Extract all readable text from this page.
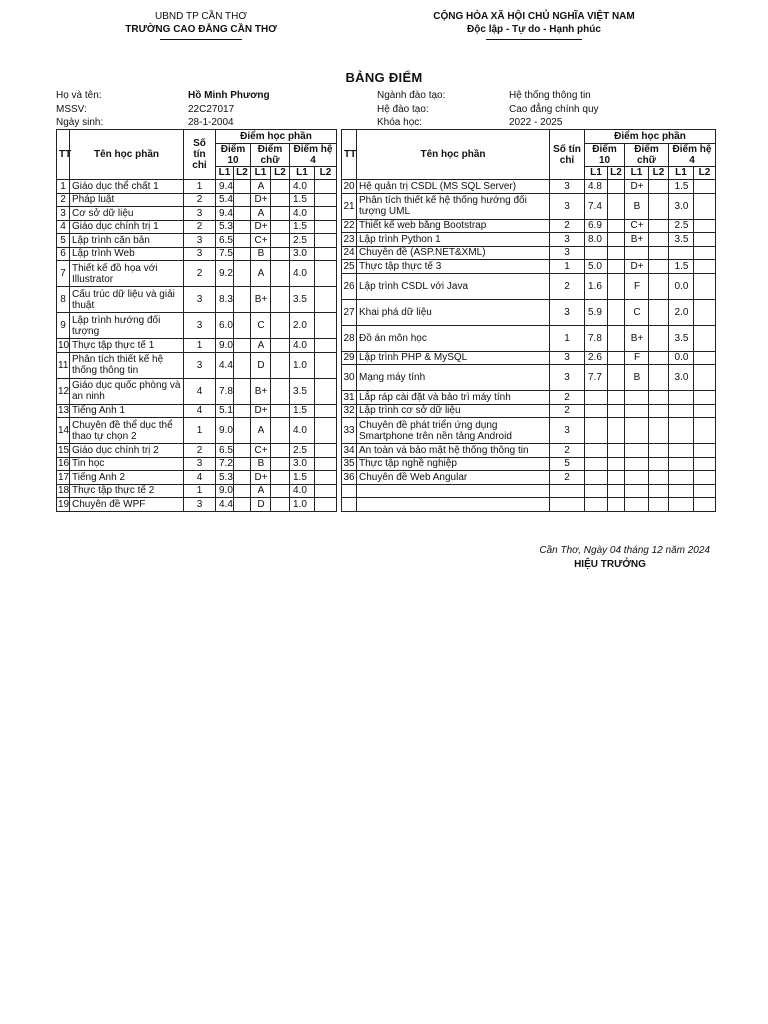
UBND TP CẦN THƠ
TRƯỜNG CAO ĐẲNG CẦN THƠ
CỘNG HÒA XÃ HỘI CHỦ NGHĨA VIỆT NAM
Độc lập - Tự do - Hạnh phúc
BẢNG ĐIỂM
Họ và tên:	Hồ Minh Phương
MSSV:	22C27017
Ngày sinh:	28-1-2004
Ngành đào tạo:	Hệ thống thông tin
Hệ đào tạo:	Cao đẳng chính quy
Khóa học:	2022 - 2025
TT	Tên học phần	Số tín chỉ	Điểm học phần					
			Điểm 10		Điểm chữ		Điểm hệ 4	
			L1	L2	L1	L2	L1	L2
1	Giáo dục thể chất 1	1	9.4		A		4.0	
2	Pháp luật	2	5.4		D+		1.5	
3	Cơ sở dữ liệu	3	9.4		A		4.0	
4	Giáo dục chính trị 1	2	5.3		D+		1.5	
5	Lập trình căn bản	3	6.5		C+		2.5	
6	Lập trình Web	3	7.5		B		3.0	
7	Thiết kế đồ họa với Illustrator	2	9.2		A		4.0	
8	Cấu trúc dữ liệu và giải thuật	3	8.3		B+		3.5	
9	Lập trình hướng đối tượng	3	6.0		C		2.0	
10	Thực tập thực tế 1	1	9.0		A		4.0	
11	Phân tích thiết kế hệ thống thông tin	3	4.4		D		1.0	
12	Giáo dục quốc phòng và an ninh	4	7.8		B+		3.5	
13	Tiếng Anh 1	4	5.1		D+		1.5	
14	Chuyên đề thể dục thể thao tự chọn 2	1	9.0		A		4.0	
15	Giáo dục chính trị 2	2	6.5		C+		2.5	
16	Tin học	3	7.2		B		3.0	
17	Tiếng Anh 2	4	5.3		D+		1.5	
18	Thực tập thực tế 2	1	9.0		A		4.0	
19	Chuyên đề WPF	3	4.4		D		1.0	
TT	Tên học phần	Số tín chỉ	Điểm học phần					
			Điểm 10		Điểm chữ		Điểm hệ 4	
			L1	L2	L1	L2	L1	L2
20	Hệ quản trị CSDL (MS SQL Server)	3	4.8		D+		1.5	
21	Phân tích thiết kế hệ thống hướng đối tượng UML	3	7.4		B		3.0	
22	Thiết kế web bằng Bootstrap	2	6.9		C+		2.5	
23	Lập trình Python 1	3	8.0		B+		3.5	
24	Chuyên đề (ASP.NET&XML)	3						
25	Thực tập thực tế 3	1	5.0		D+		1.5	
26	Lập trình CSDL với Java	2	1.6		F		0.0	
27	Khai phá dữ liệu	3	5.9		C		2.0	
28	Đồ án môn học	1	7.8		B+		3.5	
29	Lập trình PHP & MySQL	3	2.6		F		0.0	
30	Mạng máy tính	3	7.7		B		3.0	
31	Lắp ráp cài đặt và bảo trì máy tính	2						
32	Lập trình cơ sở dữ liệu	2						
33	Chuyên đề phát triển ứng dụng Smartphone trên nền tảng Android	3						
34	An toàn và bảo mật hệ thống thông tin	2						
35	Thực tập nghề nghiệp	5						
36	Chuyên đề Web Angular	2						

Cần Thơ, Ngày 04 tháng 12 năm 2024
HIỆU TRƯỞNG
